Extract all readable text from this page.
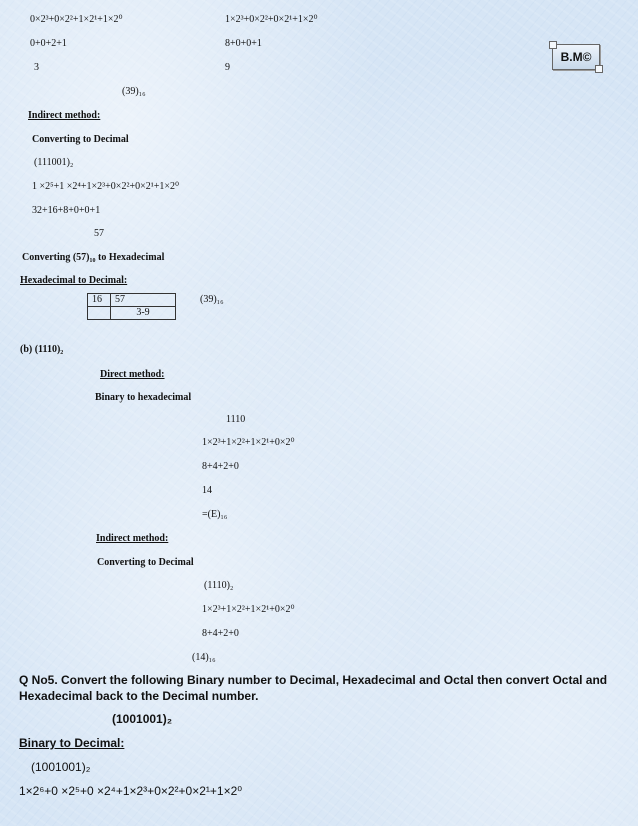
B.M©
0×2³+0×2²+1×2¹+1×2⁰
0+0+2+1
3
1×2³+0×2²+0×2¹+1×2⁰
8+0+0+1
9
(39)₁₆
Indirect method:
Converting to Decimal
(111001)₂
1 ×2⁵+1 ×2⁴+1×2³+0×2²+0×2¹+1×2⁰
32+16+8+0+0+1
57
Converting (57)₁₀ to Hexadecimal
Hexadecimal to Decimal:
16	57
	3-9
(39)₁₆
(b) (1110)₂
Direct method:
Binary to hexadecimal
1110
1×2³+1×2²+1×2¹+0×2⁰
8+4+2+0
14
=(E)₁₆
Indirect method:
Converting to Decimal
(1110)₂
1×2³+1×2²+1×2¹+0×2⁰
8+4+2+0
(14)₁₆
Q No5. Convert the following Binary number to Decimal, Hexadecimal and Octal then convert Octal and
Hexadecimal back to the Decimal number.
(1001001)₂
Binary to Decimal:
(1001001)₂
1×2⁶+0 ×2⁵+0 ×2⁴+1×2³+0×2²+0×2¹+1×2⁰
